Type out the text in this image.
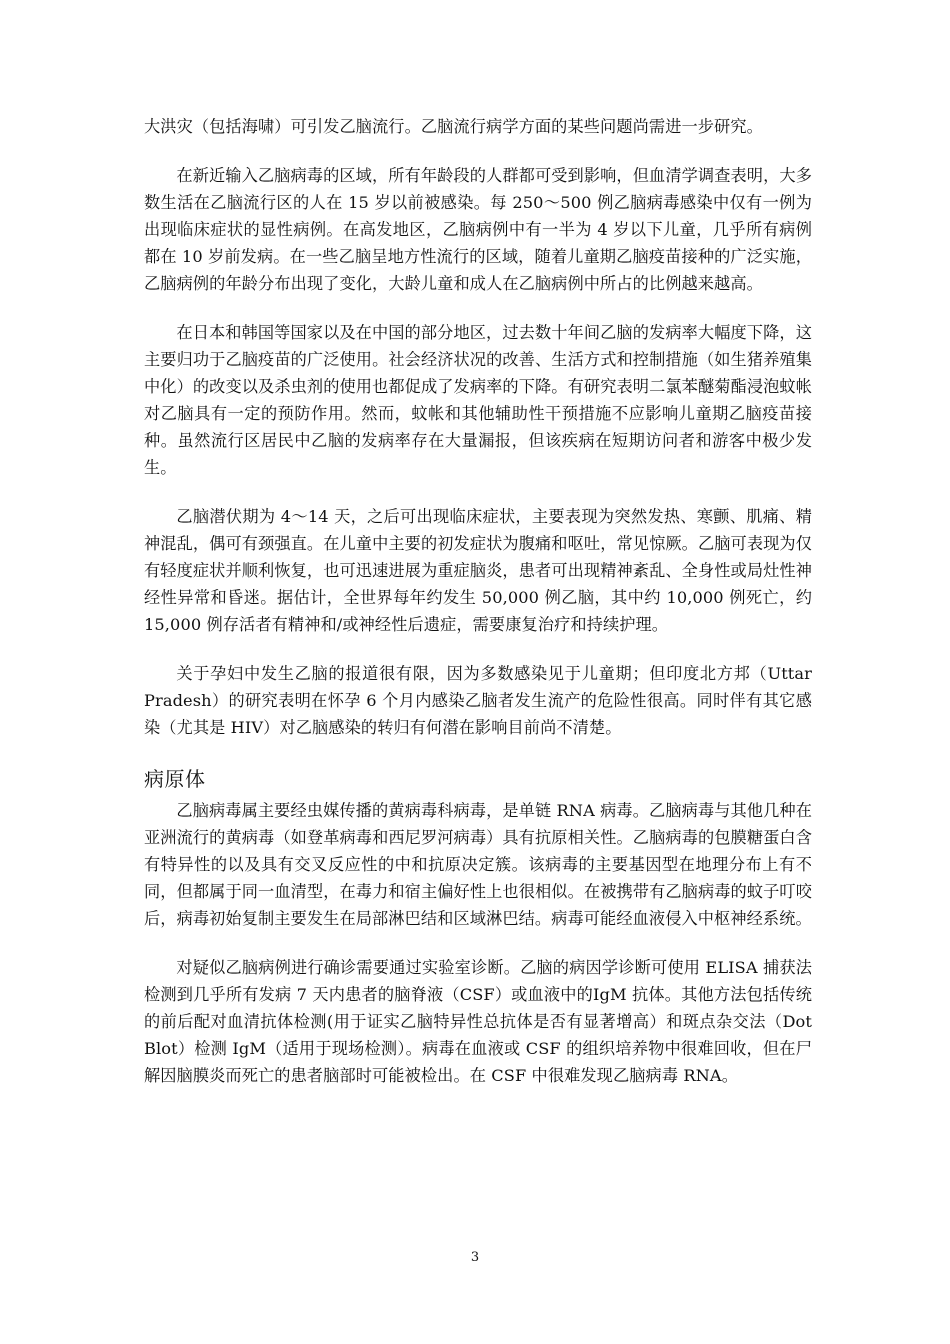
大洪灾（包括海啸）可引发乙脑流行。乙脑流行病学方面的某些问题尚需进一步研究。

在新近输入乙脑病毒的区域，所有年龄段的人群都可受到影响，但血清学调查表明，大多数生活在乙脑流行区的人在 15 岁以前被感染。每 250～500 例乙脑病毒感染中仅有一例为出现临床症状的显性病例。在高发地区，乙脑病例中有一半为 4 岁以下儿童，几乎所有病例都在 10 岁前发病。在一些乙脑呈地方性流行的区域，随着儿童期乙脑疫苗接种的广泛实施，乙脑病例的年龄分布出现了变化，大龄儿童和成人在乙脑病例中所占的比例越来越高。

在日本和韩国等国家以及在中国的部分地区，过去数十年间乙脑的发病率大幅度下降，这主要归功于乙脑疫苗的广泛使用。社会经济状况的改善、生活方式和控制措施（如生猪养殖集中化）的改变以及杀虫剂的使用也都促成了发病率的下降。有研究表明二氯苯醚菊酯浸泡蚊帐对乙脑具有一定的预防作用。然而，蚊帐和其他辅助性干预措施不应影响儿童期乙脑疫苗接种。虽然流行区居民中乙脑的发病率存在大量漏报，但该疾病在短期访问者和游客中极少发生。

乙脑潜伏期为 4～14 天，之后可出现临床症状，主要表现为突然发热、寒颤、肌痛、精神混乱，偶可有颈强直。在儿童中主要的初发症状为腹痛和呕吐，常见惊厥。乙脑可表现为仅有轻度症状并顺利恢复，也可迅速进展为重症脑炎，患者可出现精神紊乱、全身性或局灶性神经性异常和昏迷。据估计，全世界每年约发生 50,000 例乙脑，其中约 10,000 例死亡，约 15,000 例存活者有精神和/或神经性后遗症，需要康复治疗和持续护理。

关于孕妇中发生乙脑的报道很有限，因为多数感染见于儿童期；但印度北方邦（Uttar Pradesh）的研究表明在怀孕 6 个月内感染乙脑者发生流产的危险性很高。同时伴有其它感染（尤其是 HIV）对乙脑感染的转归有何潜在影响目前尚不清楚。

病原体

乙脑病毒属主要经虫媒传播的黄病毒科病毒，是单链 RNA 病毒。乙脑病毒与其他几种在亚洲流行的黄病毒（如登革病毒和西尼罗河病毒）具有抗原相关性。乙脑病毒的包膜糖蛋白含有特异性的以及具有交叉反应性的中和抗原决定簇。该病毒的主要基因型在地理分布上有不同，但都属于同一血清型，在毒力和宿主偏好性上也很相似。在被携带有乙脑病毒的蚊子叮咬后，病毒初始复制主要发生在局部淋巴结和区域淋巴结。病毒可能经血液侵入中枢神经系统。

对疑似乙脑病例进行确诊需要通过实验室诊断。乙脑的病因学诊断可使用 ELISA 捕获法检测到几乎所有发病 7 天内患者的脑脊液（CSF）或血液中的IgM 抗体。其他方法包括传统的前后配对血清抗体检测(用于证实乙脑特异性总抗体是否有显著增高）和斑点杂交法（Dot Blot）检测 IgM（适用于现场检测）。病毒在血液或 CSF 的组织培养物中很难回收，但在尸解因脑膜炎而死亡的患者脑部时可能被检出。在 CSF 中很难发现乙脑病毒 RNA。

3
